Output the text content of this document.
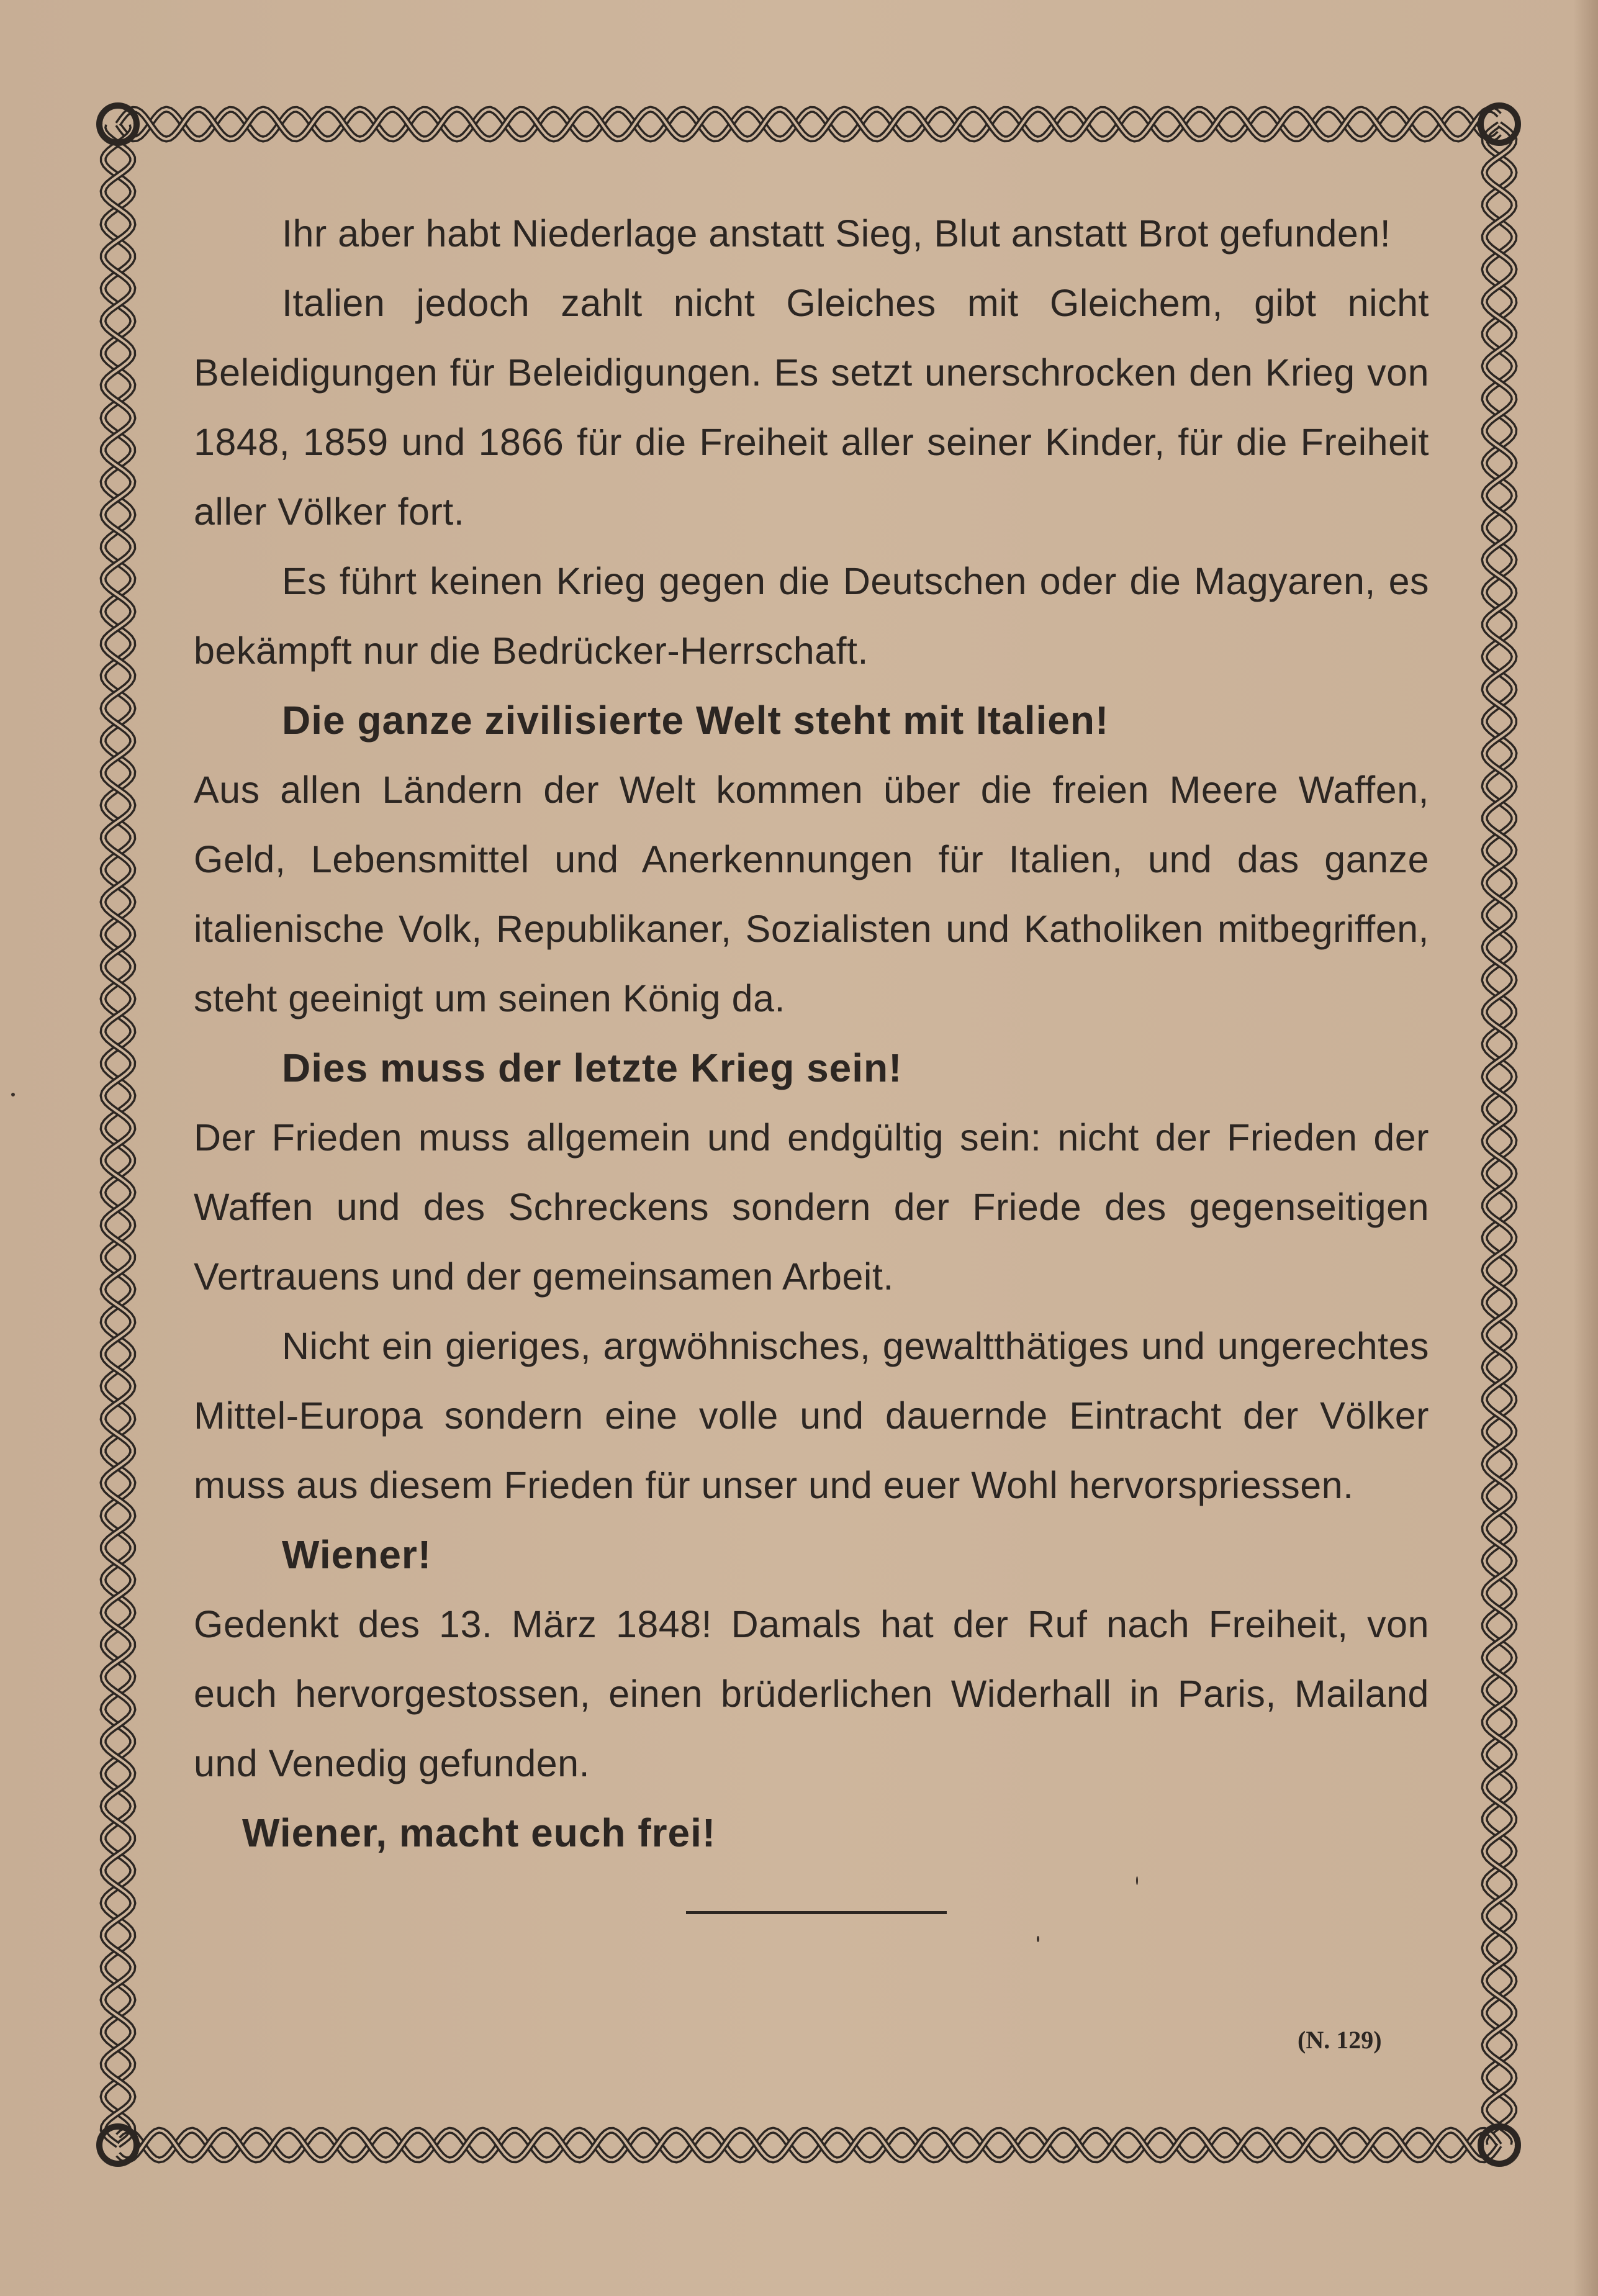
Ihr aber habt Niederlage anstatt Sieg, Blut anstatt Brot gefunden!

Italien jedoch zahlt nicht Gleiches mit Gleichem, gibt nicht Beleidigungen für Beleidigungen. Es setzt unerschrocken den Krieg von 1848, 1859 und 1866 für die Freiheit aller seiner Kinder, für die Freiheit aller Völker fort.

Es führt keinen Krieg gegen die Deutschen oder die Magyaren, es bekämpft nur die Bedrücker-Herrschaft.

Die ganze zivilisierte Welt steht mit Italien!

Aus allen Ländern der Welt kommen über die freien Meere Waffen, Geld, Lebensmittel und Anerkennungen für Italien, und das ganze italienische Volk, Republikaner, Sozialisten und Katholiken mitbegriffen, steht geeinigt um seinen König da.

Dies muss der letzte Krieg sein!

Der Frieden muss allgemein und endgültig sein: nicht der Frieden der Waffen und des Schreckens sondern der Friede des gegenseitigen Vertrauens und der gemeinsamen Arbeit.

Nicht ein gieriges, argwöhnisches, gewaltthätiges und ungerechtes Mittel-Europa sondern eine volle und dauernde Eintracht der Völker muss aus diesem Frieden für unser und euer Wohl hervorspriessen.

Wiener!

Gedenkt des 13. März 1848! Damals hat der Ruf nach Freiheit, von euch hervorgestossen, einen brüderlichen Widerhall in Paris, Mailand und Venedig gefunden.

Wiener, macht euch frei!

(N. 129)
